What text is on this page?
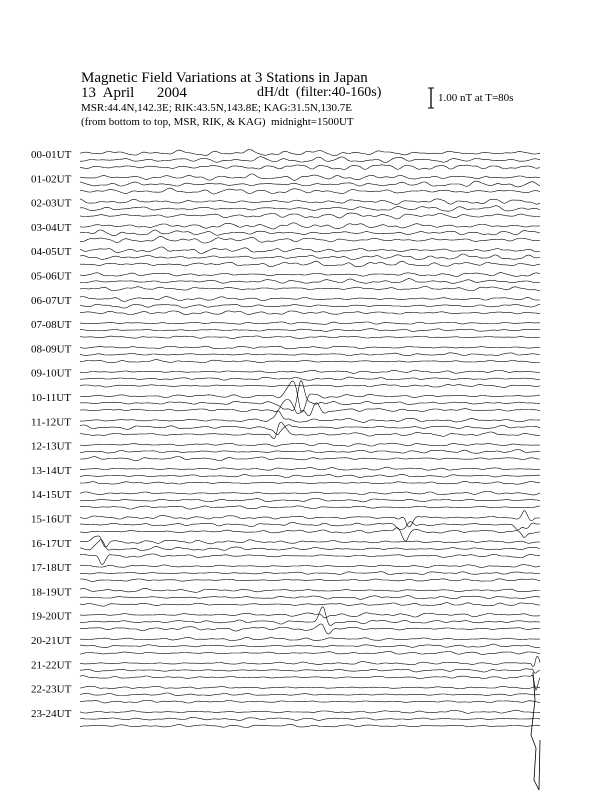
Magnetic Field Variations at 3 Stations in Japan
13  April      2004	dH/dt  (filter:40-160s)
MSR:44.4N,142.3E; RIK:43.5N,143.8E; KAG:31.5N,130.7E
(from bottom to top, MSR, RIK, & KAG)  midnight=1500UT
1.00 nT at T=80s
00-01UT
01-02UT
02-03UT
03-04UT
04-05UT
05-06UT
06-07UT
07-08UT
08-09UT
09-10UT
10-11UT
11-12UT
12-13UT
13-14UT
14-15UT
15-16UT
16-17UT
17-18UT
18-19UT
19-20UT
20-21UT
21-22UT
22-23UT
23-24UT
